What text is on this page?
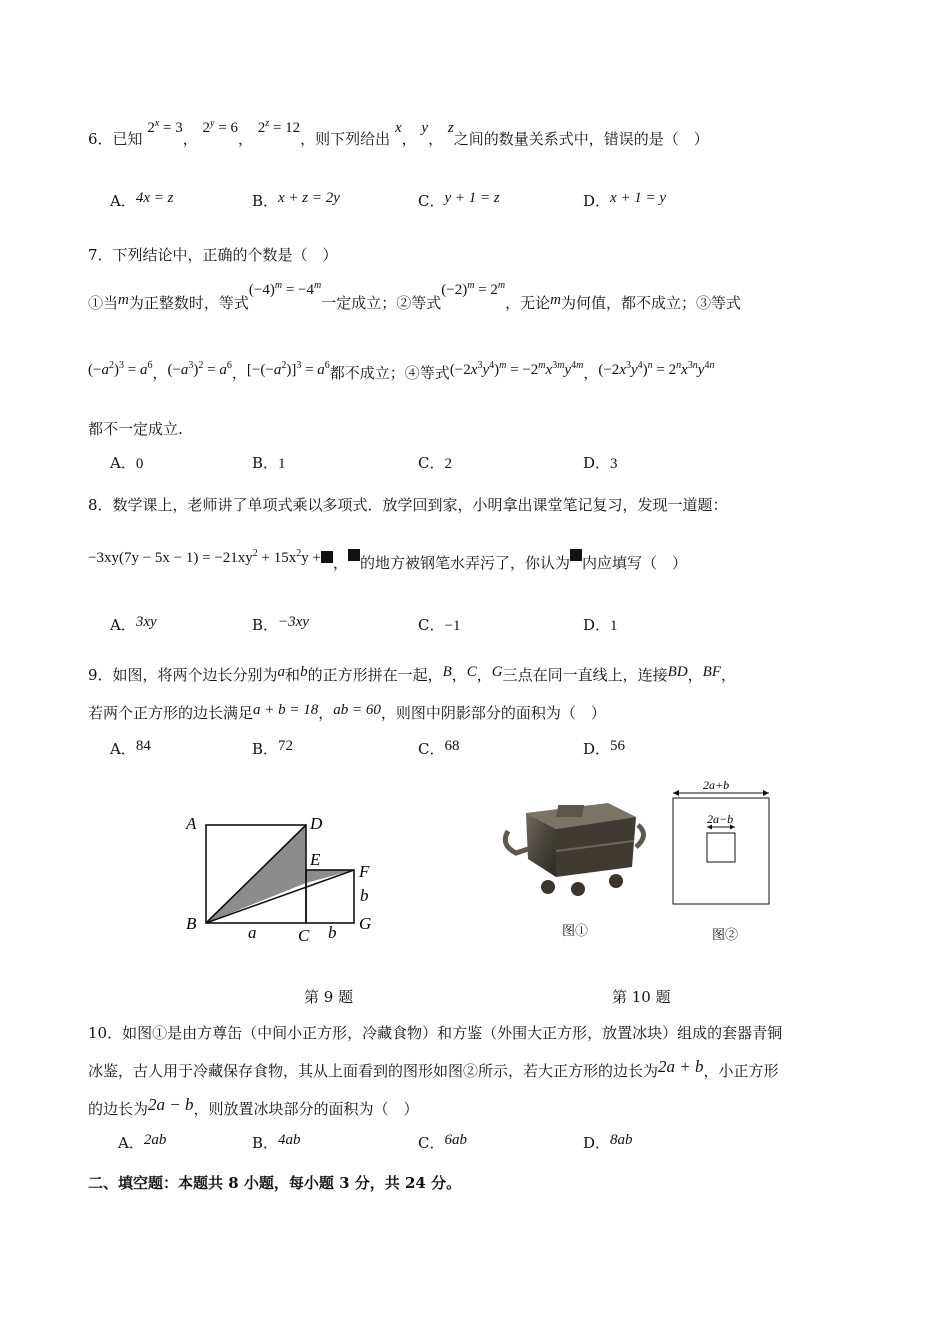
6．已知 $2^x = 3$， $2^y = 6$， $2^z = 12$，则下列给出 x， y， z之间的数量关系式中，错误的是（　）
A．4x = z	B．x + z = 2y	C．y + 1 = z	D．x + 1 = y
7．下列结论中，正确的个数是（　）
①当m为正整数时，等式$(-4)^m = -4^m$一定成立；②等式$(-2)^m = 2^m$，无论m为何值，都不成立；③等式
$(-a^2)^3 = a^6$，$(-a^3)^2 = a^6$，$[-(-a^2)]^3 = a^6$都不成立；④等式$(-2x^3y^4)^m = -2^mx^{3m}y^{4m}$，$(-2x^3y^4)^n = 2^nx^{3n}y^{4n}$
都不一定成立.
A．0	B．1	C．2	D．3
8．数学课上，老师讲了单项式乘以多项式．放学回到家，小明拿出课堂笔记复习，发现一道题：
$-3xy(7y - 5x - 1) = -21xy^2 + 15x^2y$ + ， 的地方被钢笔水弄污了，你认为 内应填写（　）
A．3xy	B．−3xy	C．−1	D．1
9．如图，将两个边长分别为a和b的正方形拼在一起，B，C，G三点在同一直线上，连接BD，BF，
若两个正方形的边长满足a + b = 18，ab = 60，则图中阴影部分的面积为（　）
A．84	B．72	C．68	D．56
A	D
E
F
b
B	a C b G
第 9 题
图①
2a+b
2a−b
图②
第 10 题
10．如图①是由方尊缶（中间小正方形，冷藏食物）和方鉴（外围大正方形，放置冰块）组成的套器青铜
冰鉴，古人用于冷藏保存食物，其从上面看到的图形如图②所示，若大正方形的边长为2a + b，小正方形
的边长为2a − b，则放置冰块部分的面积为（　）
A．2ab	B．4ab	C．6ab	D．8ab
二、填空题：本题共 8 小题，每小题 3 分，共 24 分。
